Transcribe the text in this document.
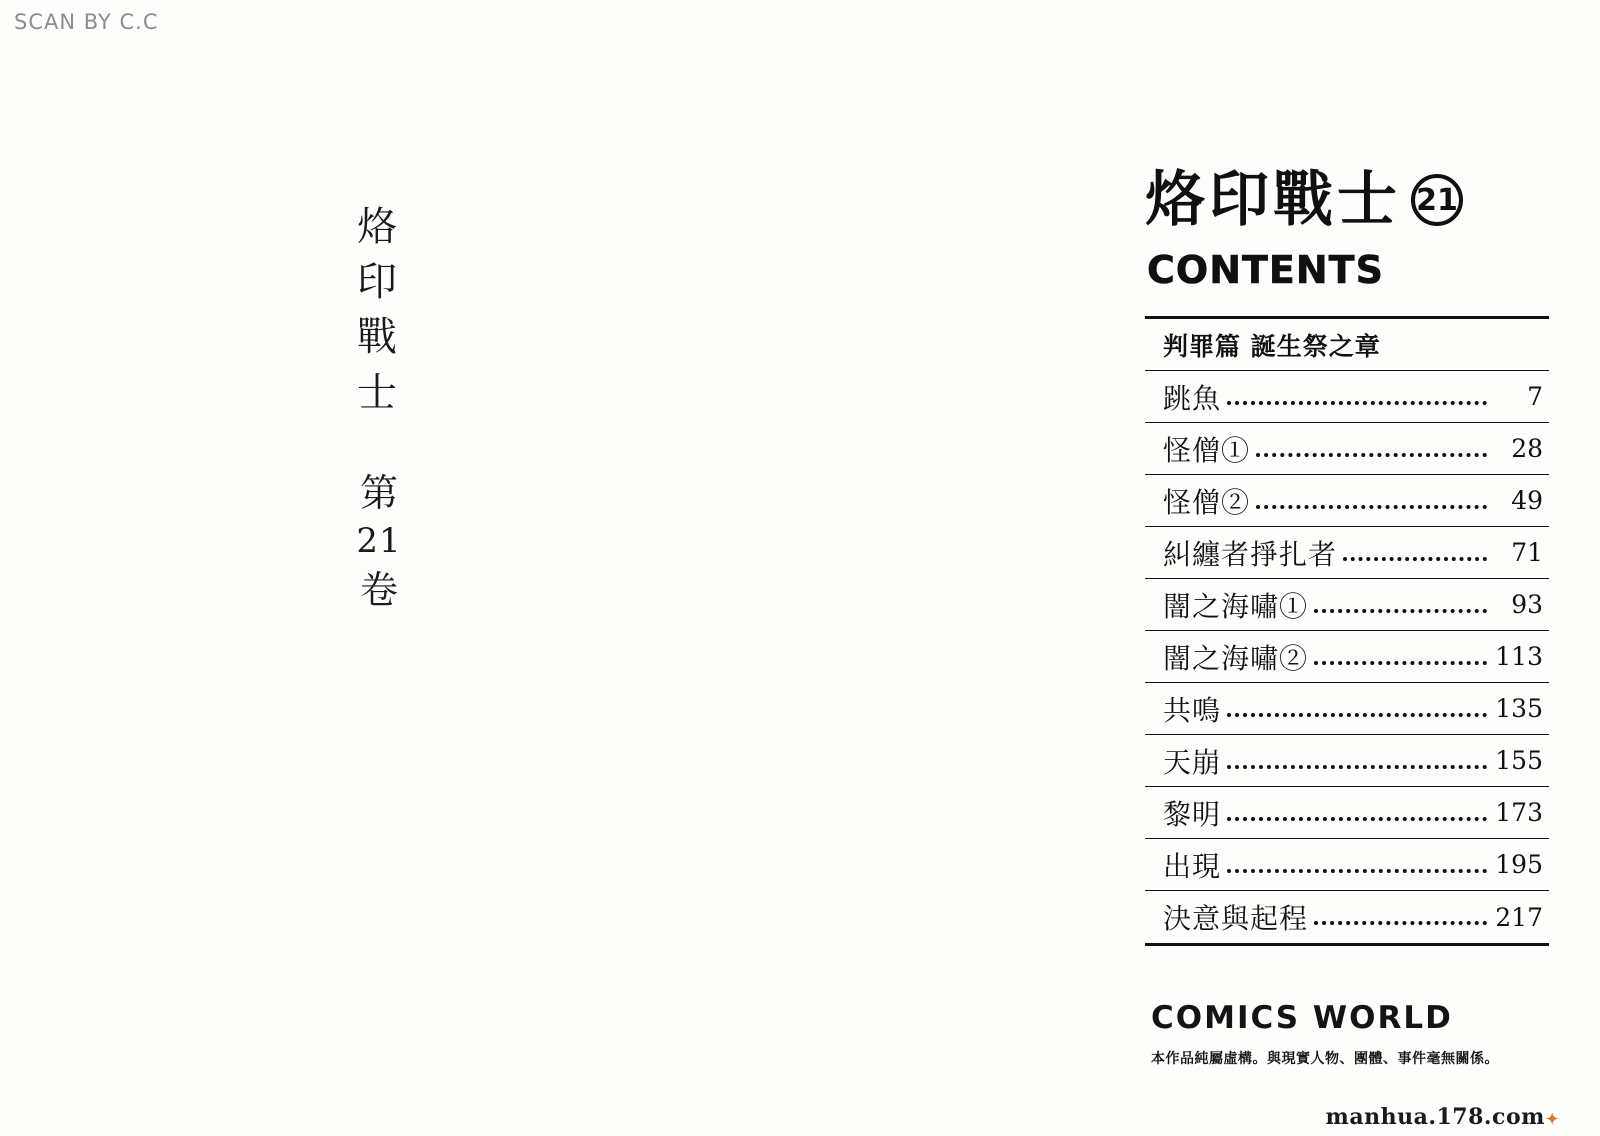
SCAN BY C.C
烙
印
戰
士
第
21
卷
烙印戰士 21
CONTENTS
判罪篇 誕生祭之章
跳魚	7
怪僧①	28
怪僧②	49
糾纏者掙扎者	71
闇之海嘯①	93
闇之海嘯②	113
共鳴	135
天崩	155
黎明	173
出現	195
決意與起程	217
COMICS WORLD
本作品純屬虛構。與現實人物、團體、事件毫無關係。
manhua.178.com✦
